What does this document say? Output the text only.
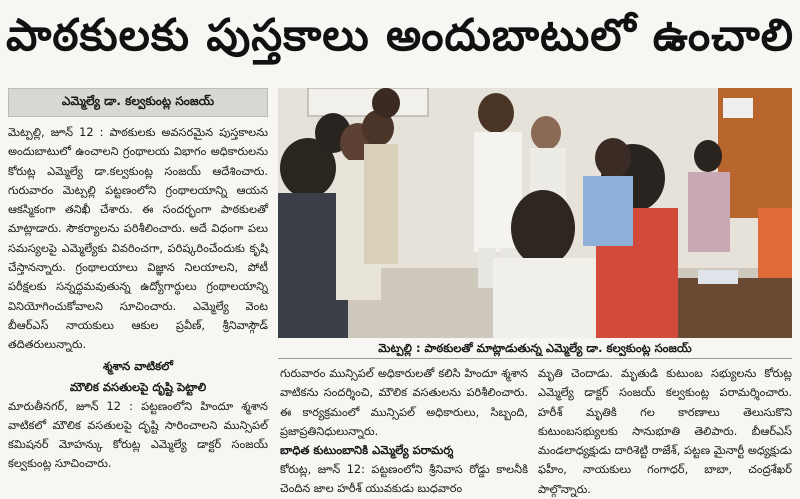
పాఠకులకు పుస్తకాలు అందుబాటులో ఉంచాలి
ఎమ్మెల్యే డా. కల్వకుంట్ల సంజయ్

మెట్పల్లి, జూన్ 12 : పాఠకులకు అవసరమైన పుస్తకాలను అందుబాటులో ఉంచాలని గ్రంథాలయ విభాగం అధికారులను కోరుట్ల ఎమ్మెల్యే డా.కల్వకుంట్ల సంజయ్ ఆదేశించారు. గురువారం మెట్పల్లి పట్టణంలోని గ్రంథాలయాన్ని ఆయన ఆకస్మికంగా తనిఖీ చేశారు. ఈ సందర్భంగా పాఠకులతో మాట్లాడారు. సౌకర్యాలను పరిశీలించారు. అదే విధంగా పలు సమస్యలపై ఎమ్మెల్యేకు వివరించగా, పరిష్కరించేందుకు కృషి చేస్తానన్నారు. గ్రంథాలయాలు విజ్ఞాన నిలయాలని, పోటీ పరీక్షలకు సన్నద్ధమవుతున్న ఉద్యోగార్థులు గ్రంథాలయాన్ని వినియోగించుకోవాలని సూచించారు. ఎమ్మెల్యే వెంట బీఆర్ఎస్ నాయకులు ఆకుల ప్రవీణ్, శ్రీనివాస్గౌడ్ తదితరులున్నారు.

శ్మశాన వాటికలో
మౌలిక వసతులపై దృష్టి పెట్టాలి

మారుతీనగర్, జూన్ 12 : పట్టణంలోని హిందూ శ్మశాన వాటికలో మౌలిక వసతులపై దృష్టి సారించాలని మున్సిపల్ కమిషనర్ మోహన్కు కోరుట్ల ఎమ్మెల్యే డాక్టర్ సంజయ్ కల్వకుంట్ల సూచించారు.

మెట్పల్లి : పాఠకులతో మాట్లాడుతున్న ఎమ్మెల్యే డా. కల్వకుంట్ల సంజయ్

గురువారం మున్సిపల్ అధికారులతో కలిసి హిందూ శ్మశాన వాటికను సందర్శించి, మౌలిక వసతులను పరిశీలించారు. ఈ కార్యక్రమంలో మున్సిపల్ అధికారులు, సిబ్బంది, ప్రజాప్రతినిధులున్నారు.

బాధిత కుటుంబానికి ఎమ్మెల్యే పరామర్శ

కోరుట్ల, జూన్ 12: పట్టణంలోని శ్రీనివాస రోడ్డు కాలనీకి చెందిన జాల హరీశ్ యువకుడు బుధవారం

మృతి చెందాడు. మృతుడి కుటుంబ సభ్యులను కోరుట్ల ఎమ్మెల్యే డాక్టర్ సంజయ్ కల్వకుంట్ల పరామర్శించారు. హరీశ్ మృతికి గల కారణాలు తెలుసుకొని కుటుంబసభ్యులకు సానుభూతి తెలిపారు. బీఆర్ఎస్ మండలాధ్యక్షుడు దారిశెట్టి రాజేశ్, పట్టణ మైనార్టీ అధ్యక్షుడు ఫహీం, నాయకులు గంగాధర్, బాబా, చంద్రశేఖర్ పాల్గొన్నారు.
